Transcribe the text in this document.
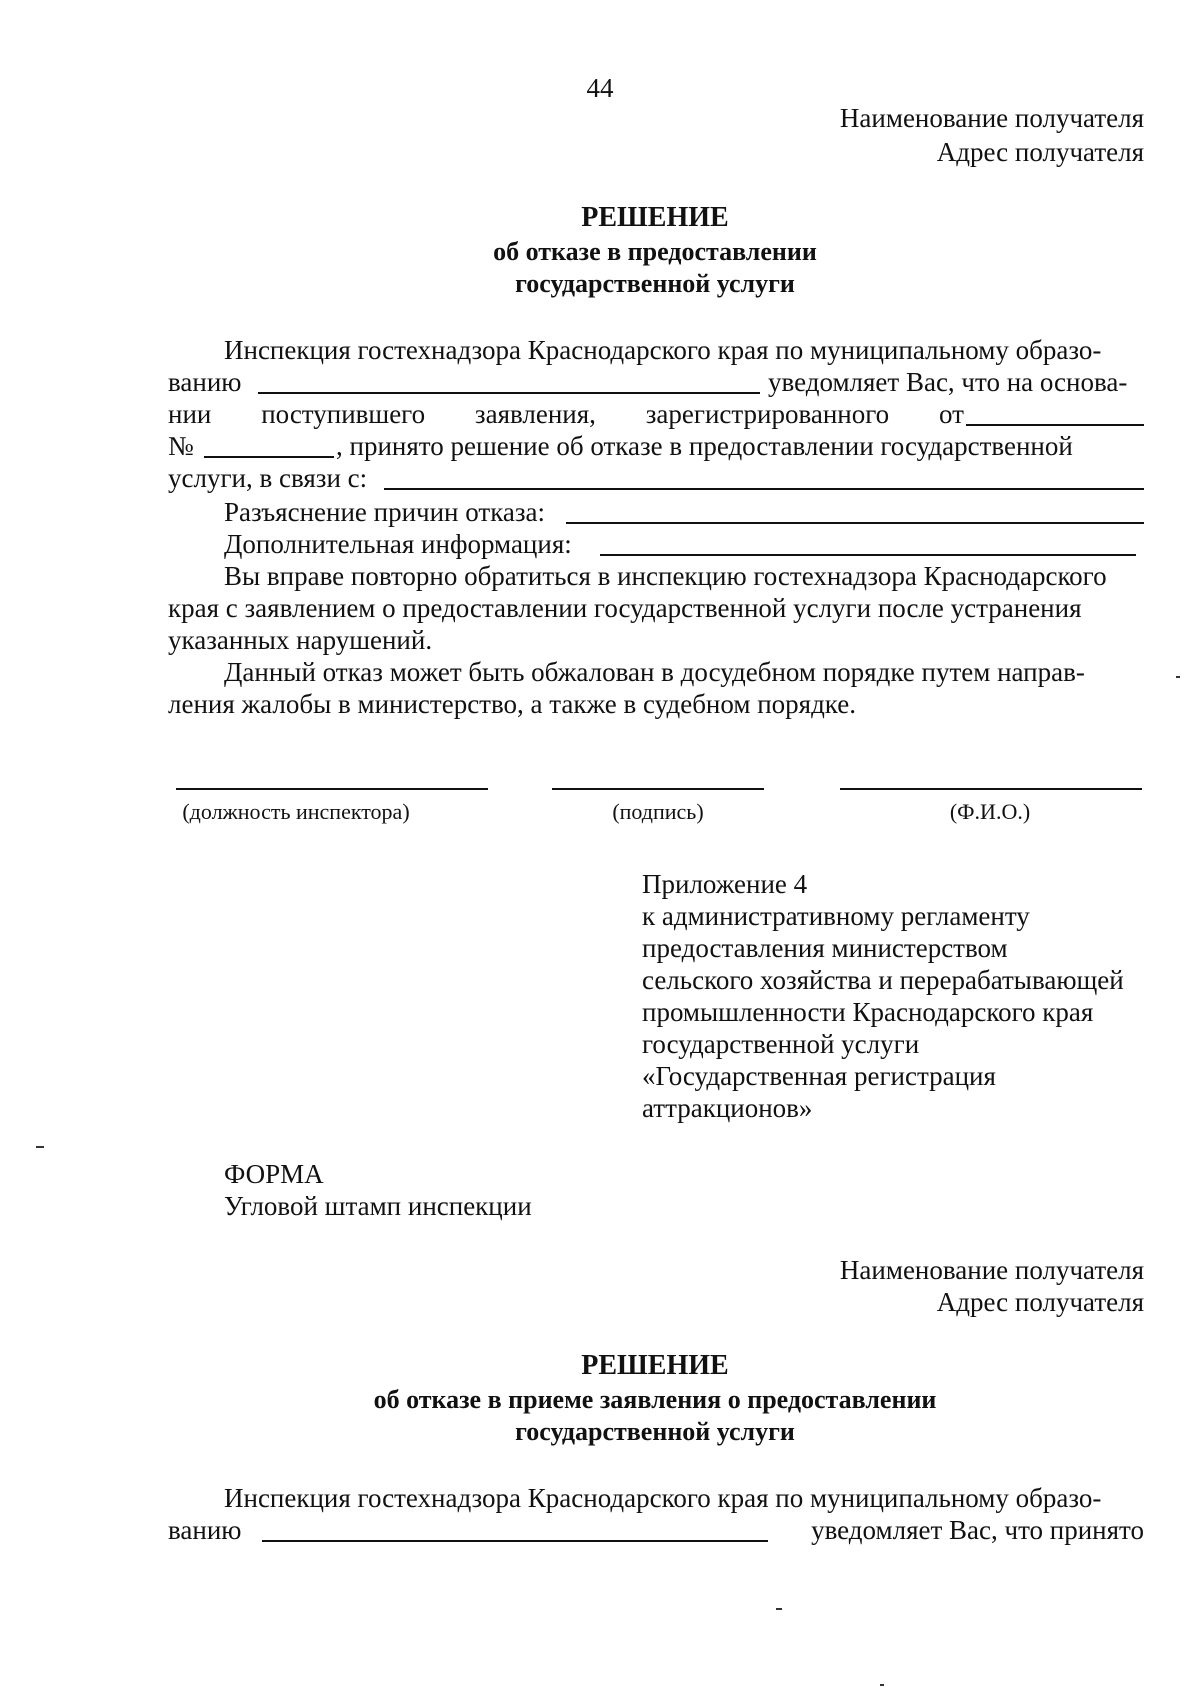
44
Наименование получателя
Адрес получателя
РЕШЕНИЕ
об отказе в предоставлении
государственной услуги
Инспекция гостехнадзора Краснодарского края по муниципальному образо-
ванию	уведомляет Вас, что на основа-
нии поступившего заявления, зарегистрированного от
№	, принято решение об отказе в предоставлении государственной
услуги, в связи с:
Разъяснение причин отказа:
Дополнительная информация:
Вы вправе повторно обратиться в инспекцию гостехнадзора Краснодарского
края с заявлением о предоставлении государственной услуги после устранения
указанных нарушений.
Данный отказ может быть обжалован в досудебном порядке путем направ-
ления жалобы в министерство, а также в судебном порядке.
(должность инспектора)	(подпись)	(Ф.И.О.)
Приложение 4
к административному регламенту
предоставления министерством
сельского хозяйства и перерабатывающей
промышленности Краснодарского края
государственной услуги
«Государственная регистрация
аттракционов»
ФОРМА
Угловой штамп инспекции
Наименование получателя
Адрес получателя
РЕШЕНИЕ
об отказе в приеме заявления о предоставлении
государственной услуги
Инспекция гостехнадзора Краснодарского края по муниципальному образо-
ванию	уведомляет Вас, что принято
